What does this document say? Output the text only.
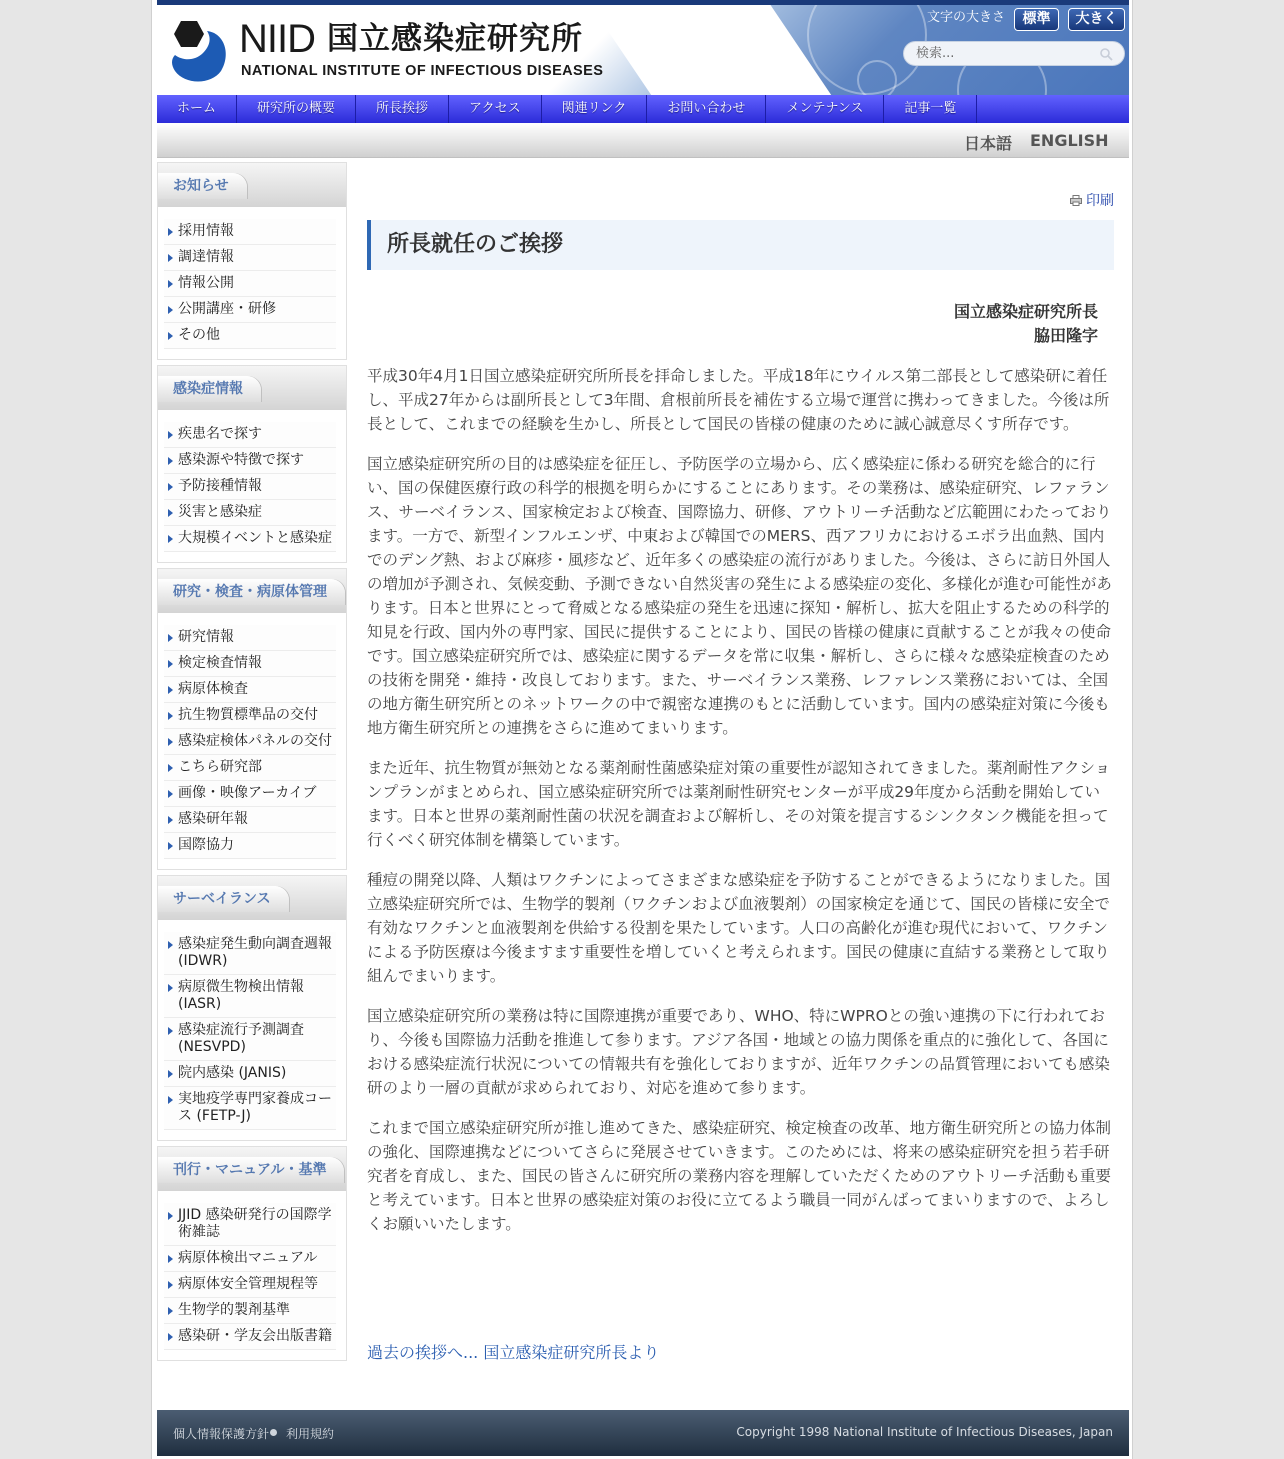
NIID 国立感染症研究所
NATIONAL INSTITUTE OF INFECTIOUS DISEASES
文字の大きさ	標準	大きく
検索...
ホーム	研究所の概要	所長挨拶	アクセス	関連リンク	お問い合わせ	メンテナンス	記事一覧
日本語 ENGLISH
お知らせ
採用情報
調達情報
情報公開
公開講座・研修
その他
感染症情報
疾患名で探す
感染源や特徴で探す
予防接種情報
災害と感染症
大規模イベントと感染症
研究・検査・病原体管理
研究情報
検定検査情報
病原体検査
抗生物質標準品の交付
感染症検体パネルの交付
こちら研究部
画像・映像アーカイブ
感染研年報
国際協力
サーベイランス
感染症発生動向調査週報 (IDWR)
病原微生物検出情報 (IASR)
感染症流行予測調査 (NESVPD)
院内感染 (JANIS)
実地疫学専門家養成コース (FETP-J)
刊行・マニュアル・基準
JJID 感染研発行の国際学術雑誌
病原体検出マニュアル
病原体安全管理規程等
生物学的製剤基準
感染研・学友会出版書籍
印刷
所長就任のご挨拶
国立感染症研究所長
脇田隆字

平成30年4月1日国立感染症研究所所長を拝命しました。平成18年にウイルス第二部長として感染研に着任し、平成27年からは副所長として3年間、倉根前所長を補佐する立場で運営に携わってきました。今後は所長として、これまでの経験を生かし、所長として国民の皆様の健康のために誠心誠意尽くす所存です。

国立感染症研究所の目的は感染症を征圧し、予防医学の立場から、広く感染症に係わる研究を総合的に行い、国の保健医療行政の科学的根拠を明らかにすることにあります。その業務は、感染症研究、レファランス、サーベイランス、国家検定および検査、国際協力、研修、アウトリーチ活動など広範囲にわたっております。一方で、新型インフルエンザ、中東および韓国でのMERS、西アフリカにおけるエボラ出血熱、国内でのデング熱、および麻疹・風疹など、近年多くの感染症の流行がありました。今後は、さらに訪日外国人の増加が予測され、気候変動、予測できない自然災害の発生による感染症の変化、多様化が進む可能性があります。日本と世界にとって脅威となる感染症の発生を迅速に探知・解析し、拡大を阻止するための科学的知見を行政、国内外の専門家、国民に提供することにより、国民の皆様の健康に貢献することが我々の使命です。国立感染症研究所では、感染症に関するデータを常に収集・解析し、さらに様々な感染症検査のための技術を開発・維持・改良しております。また、サーベイランス業務、レファレンス業務においては、全国の地方衛生研究所とのネットワークの中で親密な連携のもとに活動しています。国内の感染症対策に今後も地方衛生研究所との連携をさらに進めてまいります。

また近年、抗生物質が無効となる薬剤耐性菌感染症対策の重要性が認知されてきました。薬剤耐性アクションプランがまとめられ、国立感染症研究所では薬剤耐性研究センターが平成29年度から活動を開始しています。日本と世界の薬剤耐性菌の状況を調査および解析し、その対策を提言するシンクタンク機能を担って行くべく研究体制を構築しています。

種痘の開発以降、人類はワクチンによってさまざまな感染症を予防することができるようになりました。国立感染症研究所では、生物学的製剤（ワクチンおよび血液製剤）の国家検定を通じて、国民の皆様に安全で有効なワクチンと血液製剤を供給する役割を果たしています。人口の高齢化が進む現代において、ワクチンによる予防医療は今後ますます重要性を増していくと考えられます。国民の健康に直結する業務として取り組んでまいります。

国立感染症研究所の業務は特に国際連携が重要であり、WHO、特にWPROとの強い連携の下に行われており、今後も国際協力活動を推進して参ります。アジア各国・地域との協力関係を重点的に強化して、各国における感染症流行状況についての情報共有を強化しておりますが、近年ワクチンの品質管理においても感染研のより一層の貢献が求められており、対応を進めて参ります。

これまで国立感染症研究所が推し進めてきた、感染症研究、検定検査の改革、地方衛生研究所との協力体制の強化、国際連携などについてさらに発展させていきます。このためには、将来の感染症研究を担う若手研究者を育成し、また、国民の皆さんに研究所の業務内容を理解していただくためのアウトリーチ活動も重要と考えています。日本と世界の感染症対策のお役に立てるよう職員一同がんばってまいりますので、よろしくお願いいたします。

過去の挨拶へ... 国立感染症研究所長より
個人情報保護方針 利用規約	Copyright 1998 National Institute of Infectious Diseases, Japan
